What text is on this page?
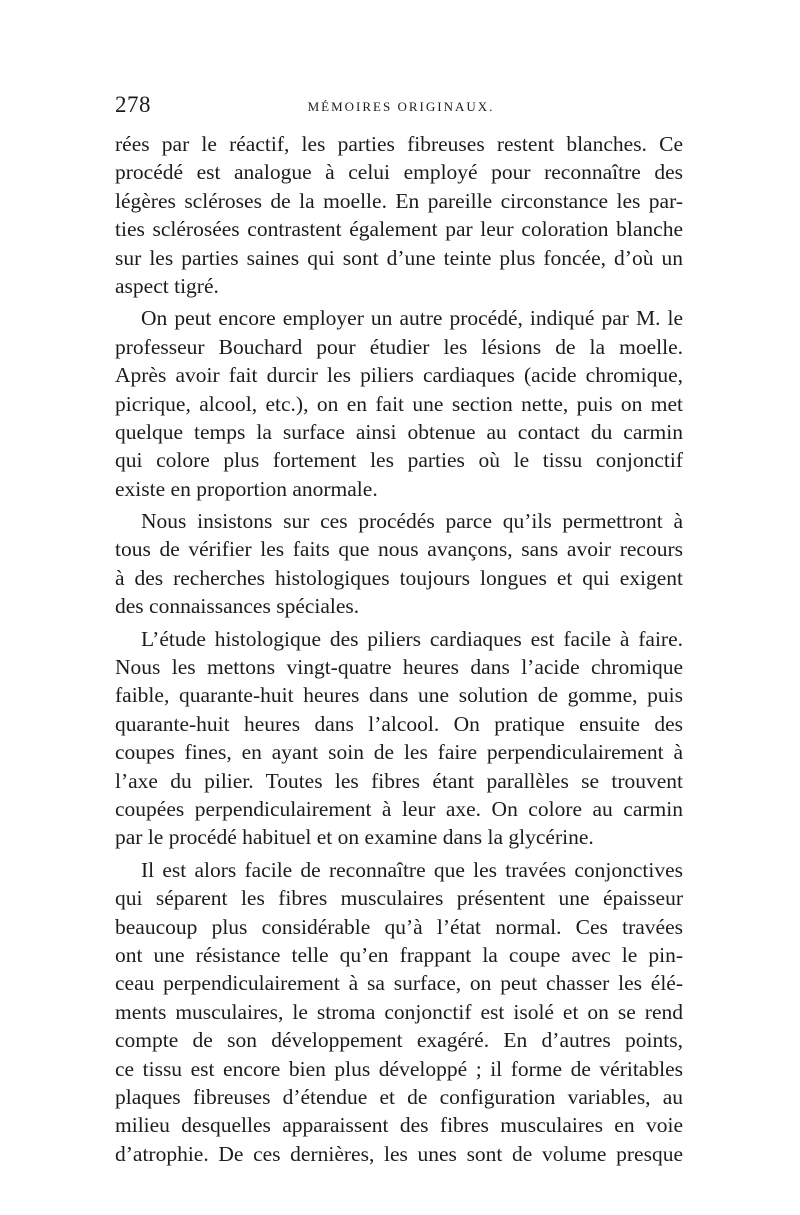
278	MÉMOIRES ORIGINAUX.
rées par le réactif, les parties fibreuses restent blanches. Ce
procédé est analogue à celui employé pour reconnaître des
légères scléroses de la moelle. En pareille circonstance les par-
ties sclérosées contrastent également par leur coloration blanche
sur les parties saines qui sont d’une teinte plus foncée, d’où un
aspect tigré.
On peut encore employer un autre procédé, indiqué par M. le
professeur Bouchard pour étudier les lésions de la moelle.
Après avoir fait durcir les piliers cardiaques (acide chromique,
picrique, alcool, etc.), on en fait une section nette, puis on met
quelque temps la surface ainsi obtenue au contact du carmin
qui colore plus fortement les parties où le tissu conjonctif
existe en proportion anormale.
Nous insistons sur ces procédés parce qu’ils permettront à
tous de vérifier les faits que nous avançons, sans avoir recours
à des recherches histologiques toujours longues et qui exigent
des connaissances spéciales.
L’étude histologique des piliers cardiaques est facile à faire.
Nous les mettons vingt-quatre heures dans l’acide chromique
faible, quarante-huit heures dans une solution de gomme, puis
quarante-huit heures dans l’alcool. On pratique ensuite des
coupes fines, en ayant soin de les faire perpendiculairement à
l’axe du pilier. Toutes les fibres étant parallèles se trouvent
coupées perpendiculairement à leur axe. On colore au carmin
par le procédé habituel et on examine dans la glycérine.
Il est alors facile de reconnaître que les travées conjonctives
qui séparent les fibres musculaires présentent une épaisseur
beaucoup plus considérable qu’à l’état normal. Ces travées
ont une résistance telle qu’en frappant la coupe avec le pin-
ceau perpendiculairement à sa surface, on peut chasser les élé-
ments musculaires, le stroma conjonctif est isolé et on se rend
compte de son développement exagéré. En d’autres points,
ce tissu est encore bien plus développé ; il forme de véritables
plaques fibreuses d’étendue et de configuration variables, au
milieu desquelles apparaissent des fibres musculaires en voie
d’atrophie. De ces dernières, les unes sont de volume presque
